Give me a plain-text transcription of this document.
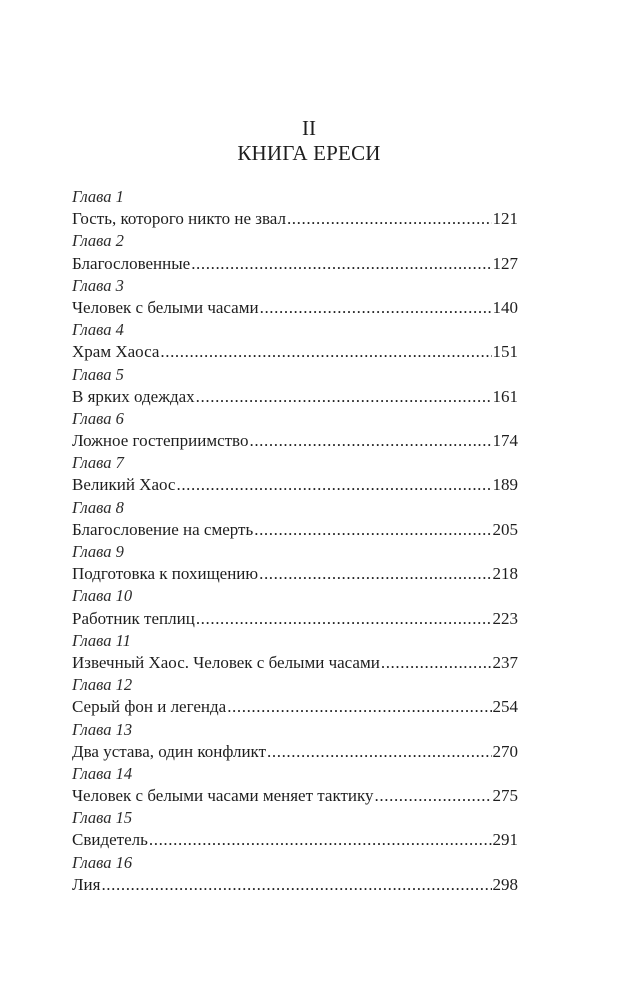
II
КНИГА ЕРЕСИ
Глава 1
Гость, которого никто не звал .....	121
Глава 2
Благословенные .....	127
Глава 3
Человек с белыми часами .....	140
Глава 4
Храм Хаоса .....	151
Глава 5
В ярких одеждах .....	161
Глава 6
Ложное гостеприимство .....	174
Глава 7
Великий Хаос .....	189
Глава 8
Благословение на смерть .....	205
Глава 9
Подготовка к похищению .....	218
Глава 10
Работник теплиц .....	223
Глава 11
Извечный Хаос. Человек с белыми часами .....	237
Глава 12
Серый фон и легенда .....	254
Глава 13
Два устава, один конфликт .....	270
Глава 14
Человек с белыми часами меняет тактику .....	275
Глава 15
Свидетель .....	291
Глава 16
Лия .....	298
